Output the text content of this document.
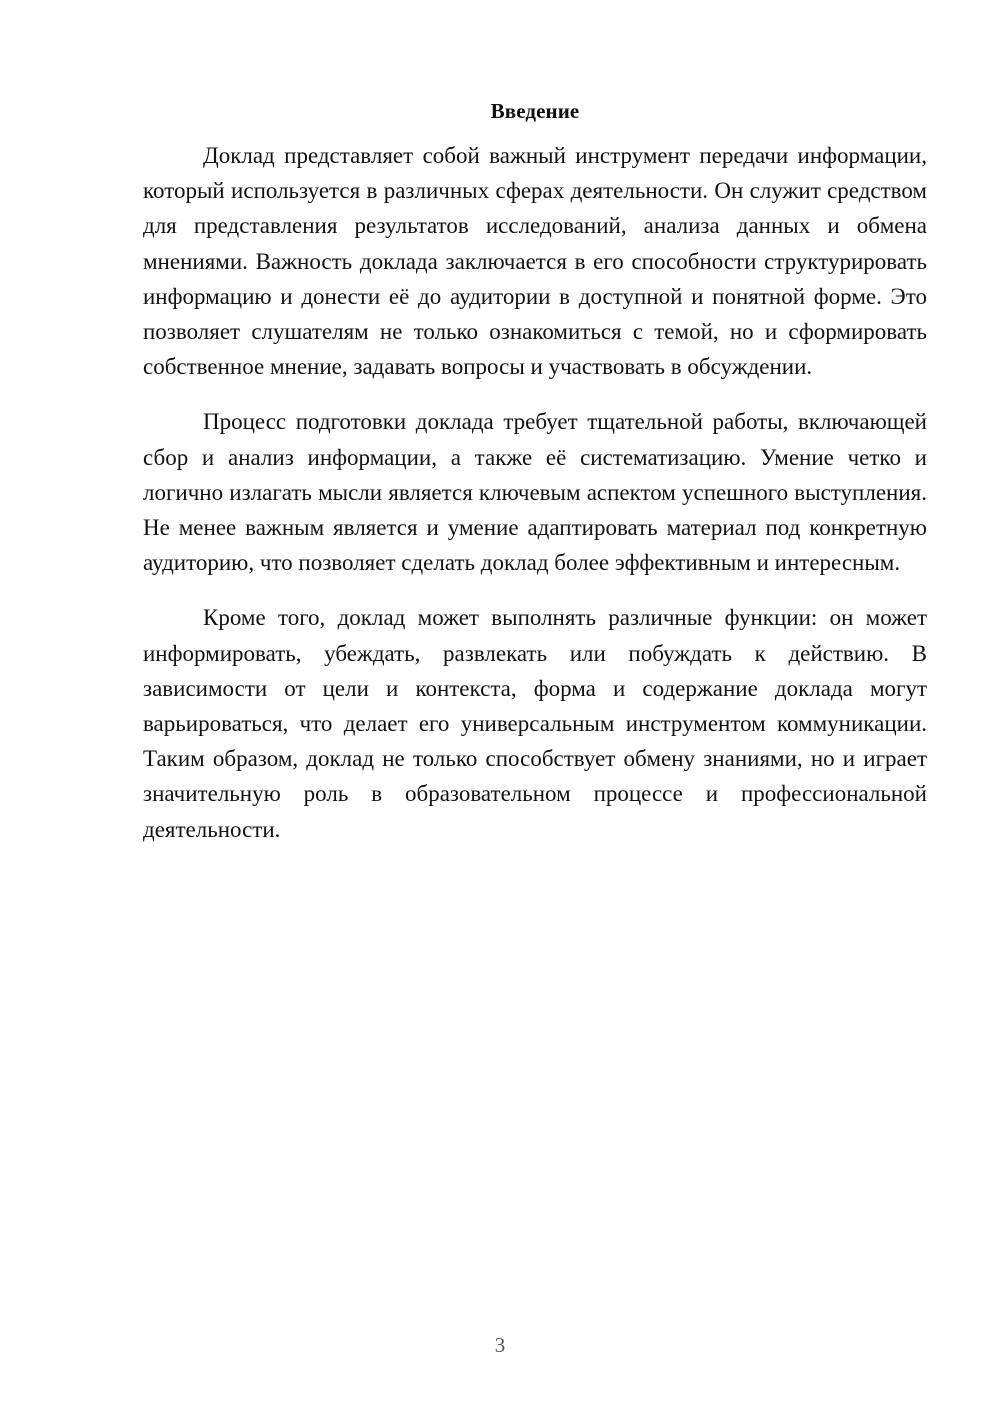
Введение

Доклад представляет собой важный инструмент передачи информации, который используется в различных сферах деятельности. Он служит средством для представления результатов исследований, анализа данных и обмена мнениями. Важность доклада заключается в его способности структурировать информацию и донести её до аудитории в доступной и понятной форме. Это позволяет слушателям не только ознакомиться с темой, но и сформировать собственное мнение, задавать вопросы и участвовать в обсуждении.

Процесс подготовки доклада требует тщательной работы, включающей сбор и анализ информации, а также её систематизацию. Умение четко и логично излагать мысли является ключевым аспектом успешного выступления. Не менее важным является и умение адаптировать материал под конкретную аудиторию, что позволяет сделать доклад более эффективным и интересным.

Кроме того, доклад может выполнять различные функции: он может информировать, убеждать, развлекать или побуждать к действию. В зависимости от цели и контекста, форма и содержание доклада могут варьироваться, что делает его универсальным инструментом коммуникации. Таким образом, доклад не только способствует обмену знаниями, но и играет значительную роль в образовательном процессе и профессиональной деятельности.

3
